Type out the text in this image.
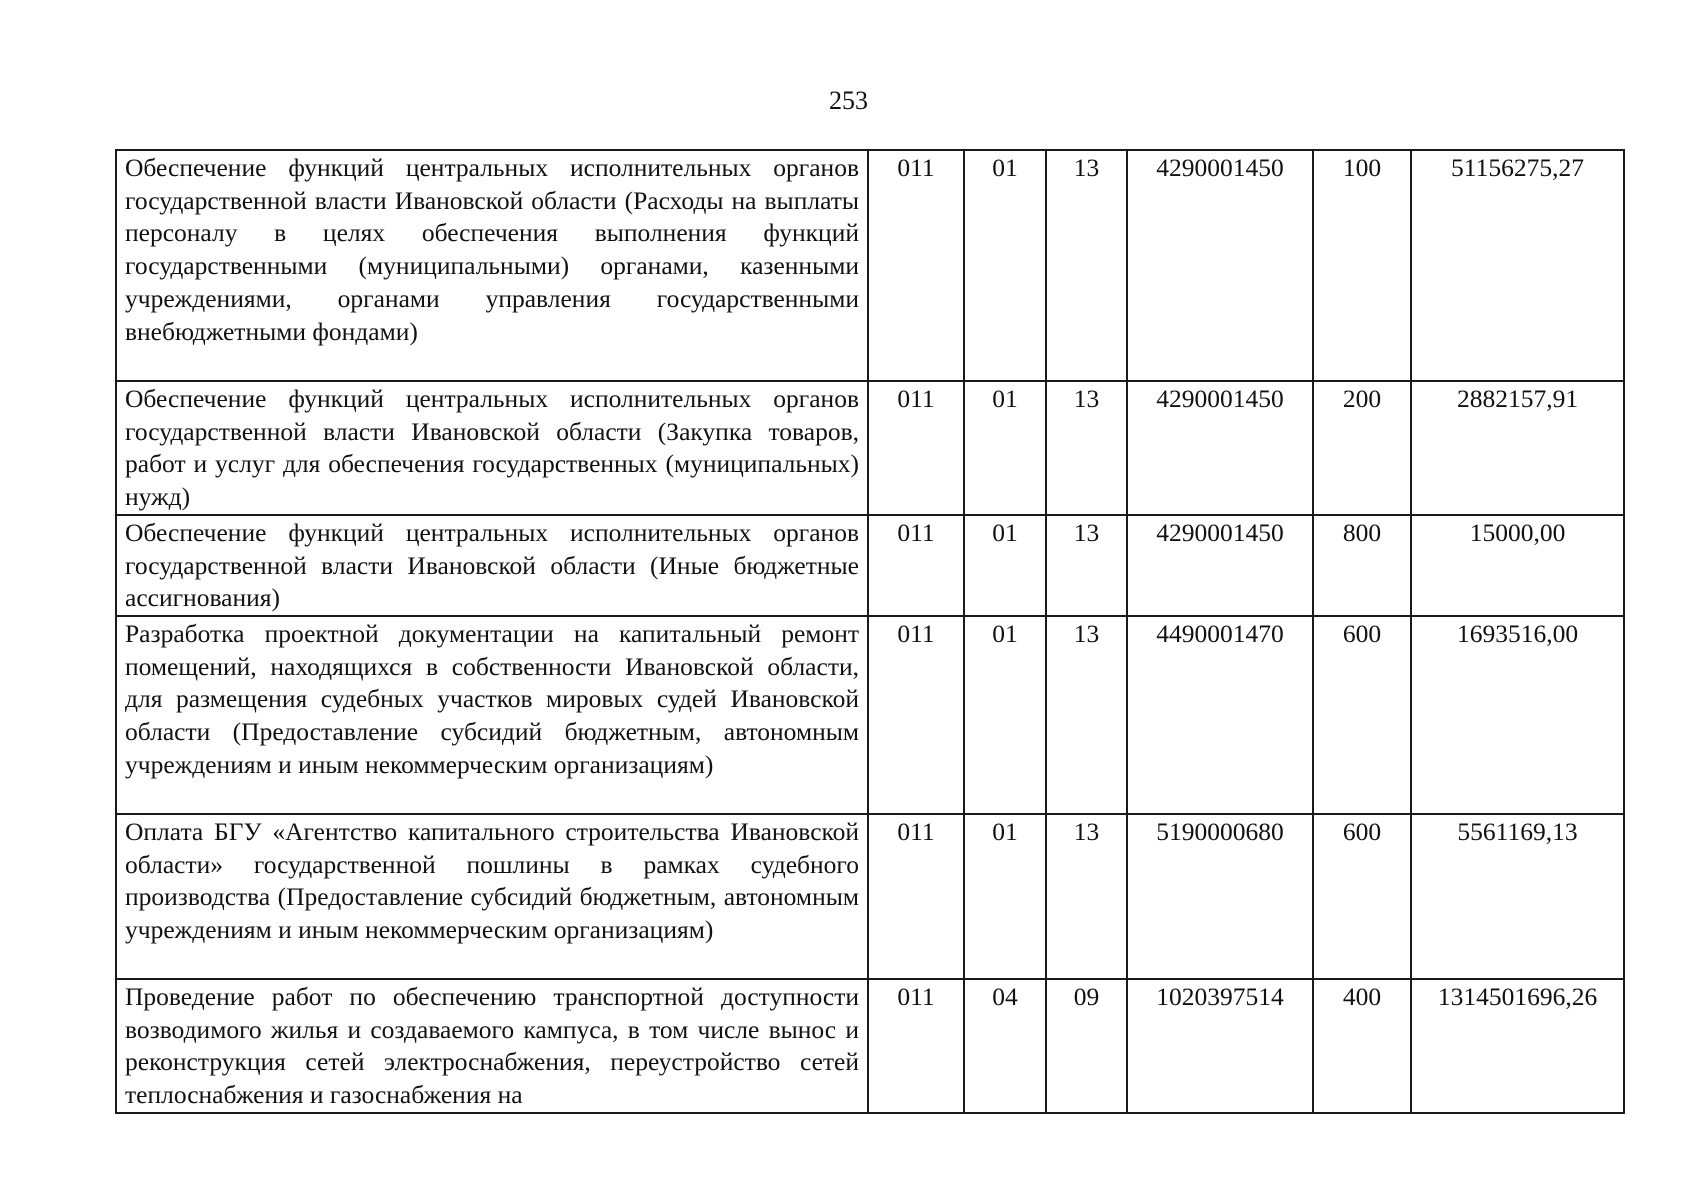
253
Обеспечение функций центральных исполнительных органов государственной власти Ивановской области (Расходы на выплаты персоналу в целях обеспечения выполнения функций государственными (муниципальными) органами, казенными учреждениями, органами управления государственными внебюджетными фондами)	011	01	13	4290001450	100	51156275,27
Обеспечение функций центральных исполнительных органов государственной власти Ивановской области (Закупка товаров, работ и услуг для обеспечения государственных (муниципальных) нужд)	011	01	13	4290001450	200	2882157,91
Обеспечение функций центральных исполнительных органов государственной власти Ивановской области (Иные бюджетные ассигнования)	011	01	13	4290001450	800	15000,00
Разработка проектной документации на капитальный ремонт помещений, находящихся в собственности Ивановской области, для размещения судебных участков мировых судей Ивановской области (Предоставление субсидий бюджетным, автономным учреждениям и иным некоммерческим организациям)	011	01	13	4490001470	600	1693516,00
Оплата БГУ «Агентство капитального строительства Ивановской области» государственной пошлины в рамках судебного производства (Предоставление субсидий бюджетным, автономным учреждениям и иным некоммерческим организациям)	011	01	13	5190000680	600	5561169,13
Проведение работ по обеспечению транспортной доступности возводимого жилья и создаваемого кампуса, в том числе вынос и реконструкция сетей электроснабжения, переустройство сетей теплоснабжения и газоснабжения на	011	04	09	1020397514	400	1314501696,26
